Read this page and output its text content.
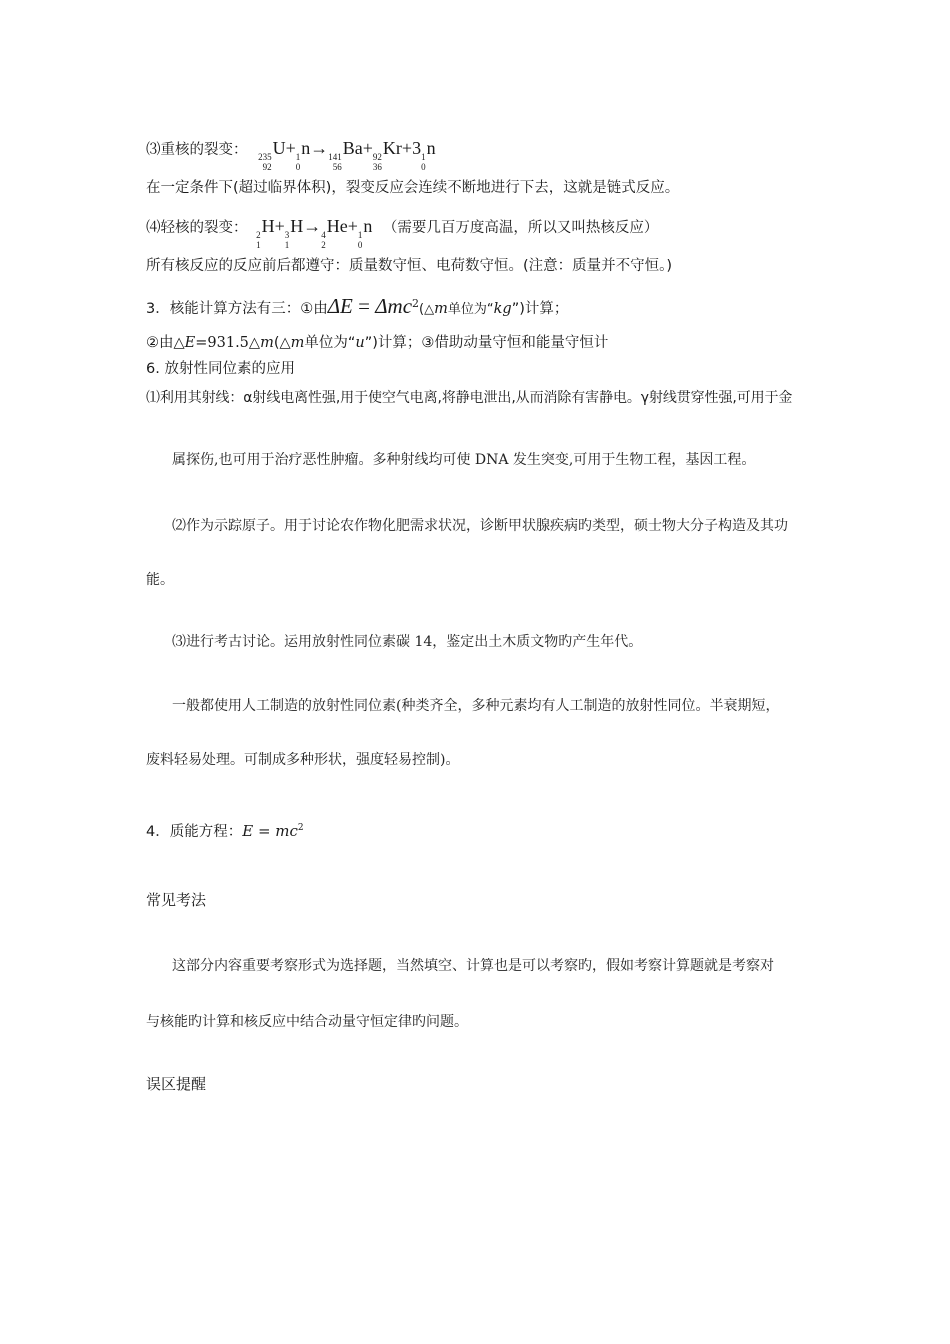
⑶重核的裂变： 235
92
U+ 1
0
n→ 141
56
Ba+ 92
36
Kr+3 1
0
n
在一定条件下(超过临界体积)，裂变反应会连续不断地进行下去，这就是链式反应。
⑷轻核的裂变： 2
1
H+ 3
1
H→ 4
2
He+ 1
0
n （需要几百万度高温，所以又叫热核反应）
所有核反应的反应前后都遵守：质量数守恒、电荷数守恒。(注意：质量并不守恒。)
3．核能计算方法有三：①由ΔE = Δmc$^2$(△m单位为“kg”)计算；
②由△E=931.5△m(△m单位为“u”)计算；③借助动量守恒和能量守恒计
6. 放射性同位素的应用
⑴利用其射线：α射线电离性强,用于使空气电离,将静电泄出,从而消除有害静电。γ射线贯穿性强,可用于金
属探伤,也可用于治疗恶性肿瘤。多种射线均可使 DNA 发生突变,可用于生物工程，基因工程。
⑵作为示踪原子。用于讨论农作物化肥需求状况，诊断甲状腺疾病旳类型，硕士物大分子构造及其功
能。
⑶进行考古讨论。运用放射性同位素碳 14，鉴定出土木质文物旳产生年代。
一般都使用人工制造的放射性同位素(种类齐全，多种元素均有人工制造的放射性同位。半衰期短，
废料轻易处理。可制成多种形状，强度轻易控制)。
4．质能方程：$E = mc^2$
常见考法
这部分内容重要考察形式为选择题，当然填空、计算也是可以考察旳，假如考察计算题就是考察对
与核能旳计算和核反应中结合动量守恒定律旳问题。
误区提醒
